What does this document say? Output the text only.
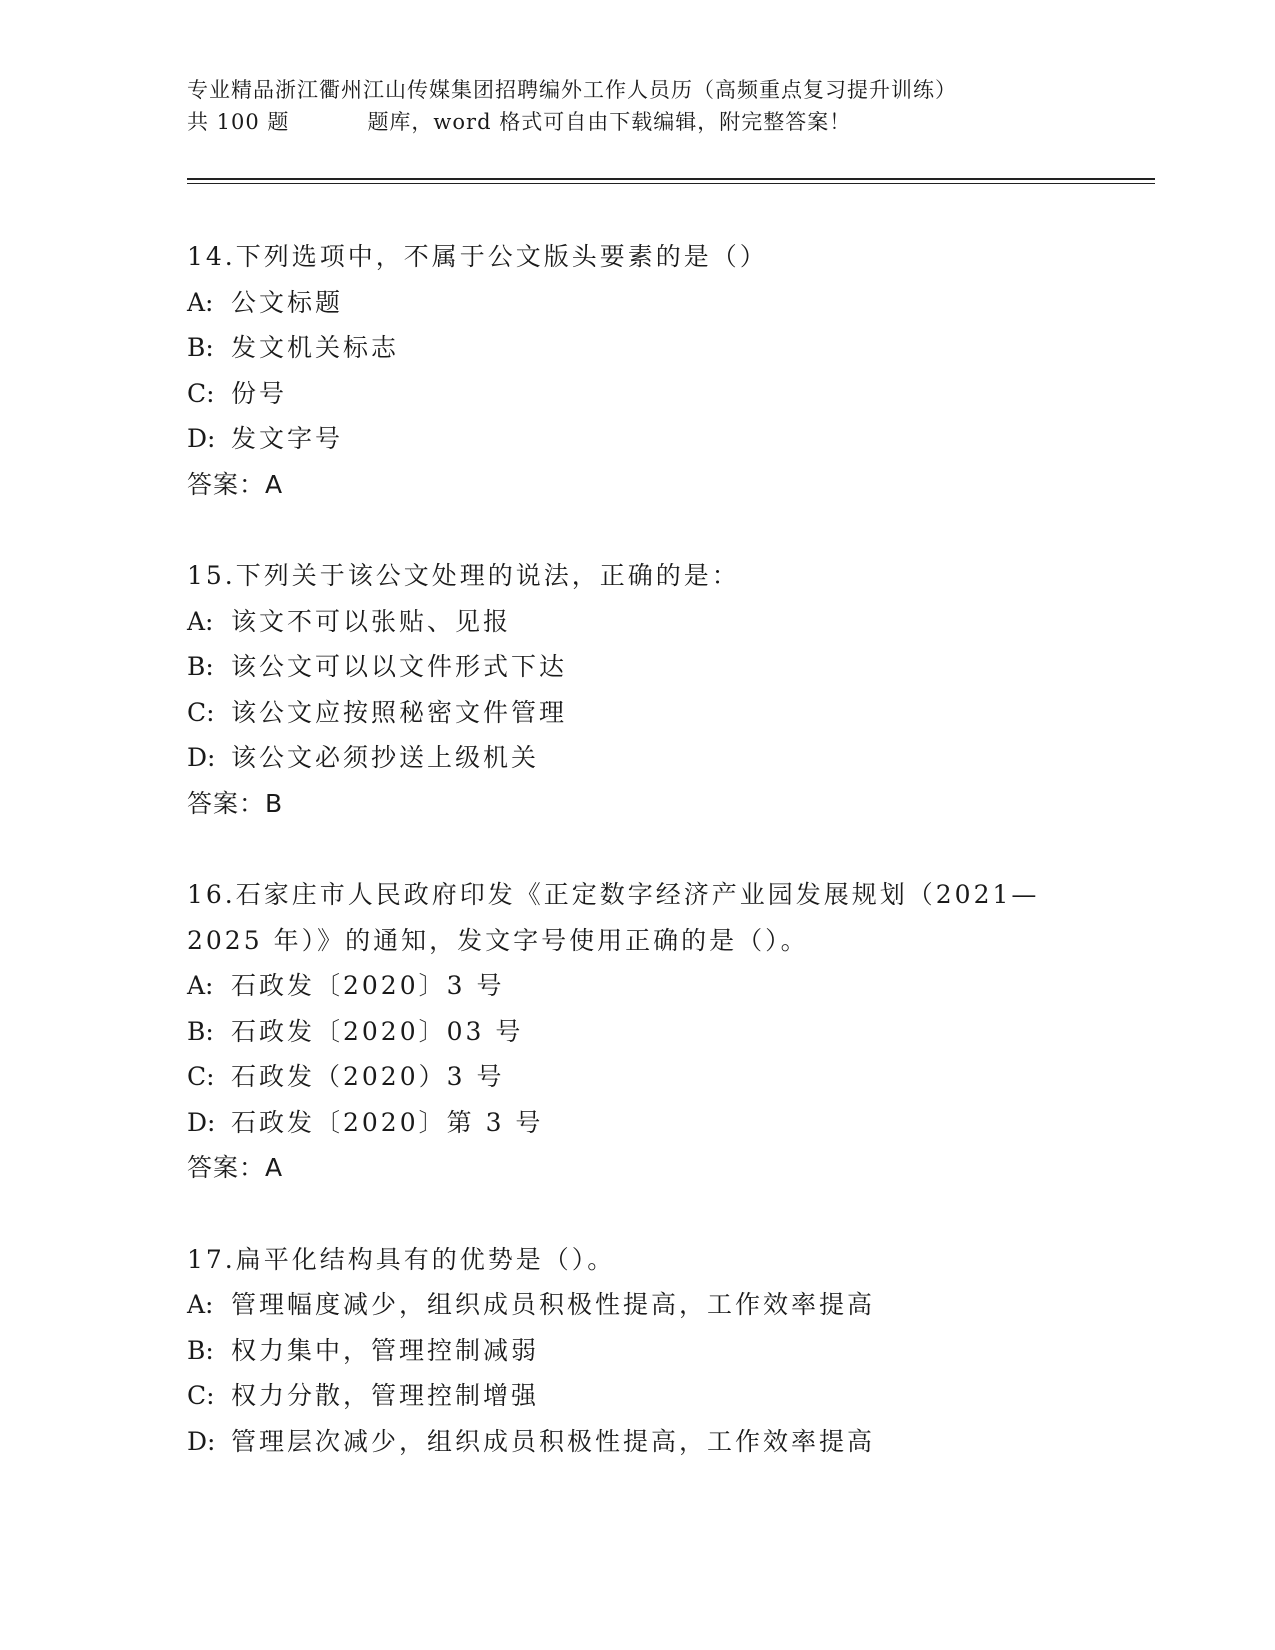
专业精品浙江衢州江山传媒集团招聘编外工作人员历（高频重点复习提升训练）
共 100 题	题库，word 格式可自由下载编辑，附完整答案！
14.下列选项中，不属于公文版头要素的是（）
A: 公文标题
B: 发文机关标志
C: 份号
D: 发文字号
答案：A
15.下列关于该公文处理的说法，正确的是：
A: 该文不可以张贴、见报
B: 该公文可以以文件形式下达
C: 该公文应按照秘密文件管理
D: 该公文必须抄送上级机关
答案：B
16.石家庄市人民政府印发《正定数字经济产业园发展规划（2021—
2025 年）》的通知，发文字号使用正确的是（）。
A: 石政发〔2020〕3 号
B: 石政发〔2020〕03 号
C: 石政发（2020）3 号
D: 石政发〔2020〕第 3 号
答案：A
17.扁平化结构具有的优势是（）。
A: 管理幅度减少，组织成员积极性提高，工作效率提高
B: 权力集中，管理控制减弱
C: 权力分散，管理控制增强
D: 管理层次减少，组织成员积极性提高，工作效率提高
